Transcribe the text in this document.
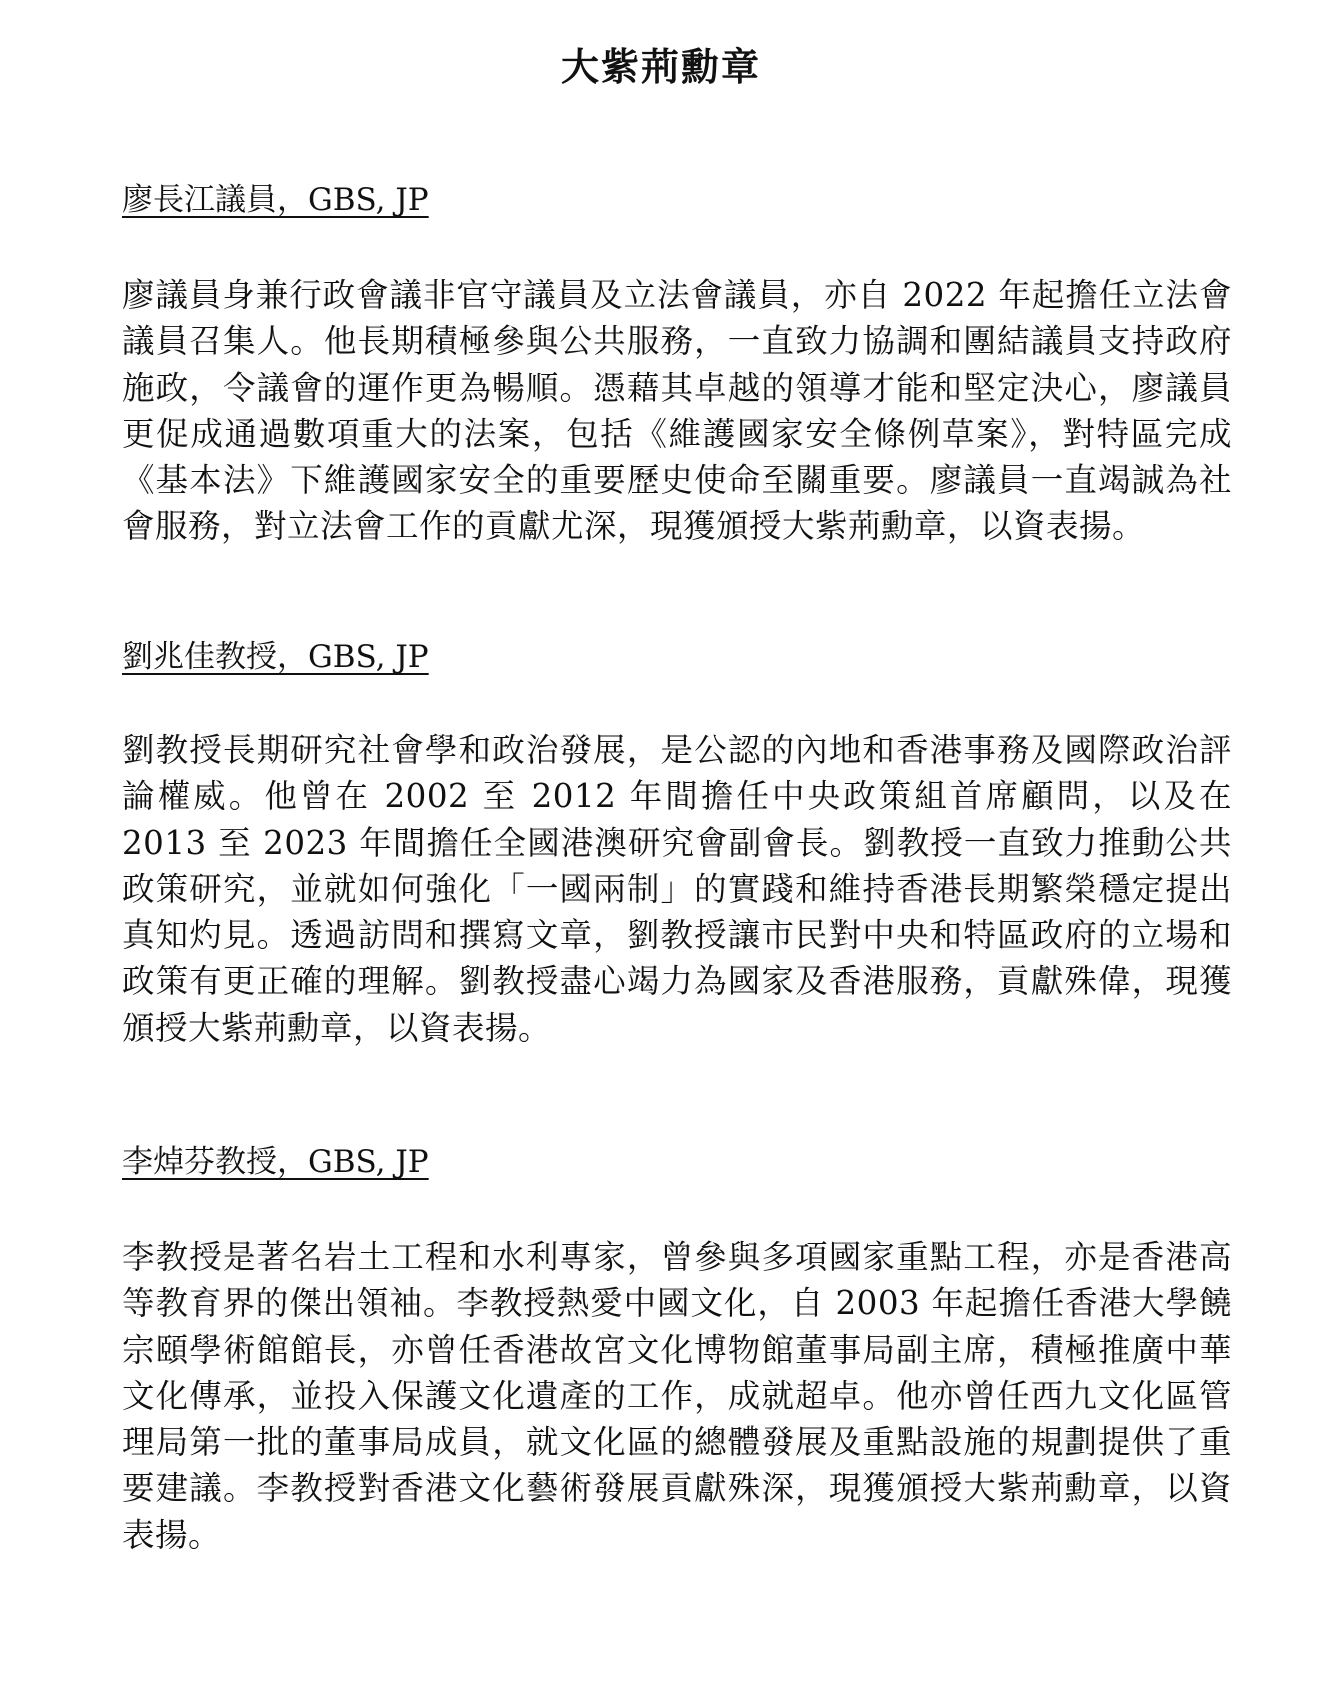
大紫荊勳章
廖長江議員，GBS, JP
廖議員身兼行政會議非官守議員及立法會議員，亦自 2022 年起擔任立法會議員召集人。他長期積極參與公共服務，一直致力協調和團結議員支持政府施政，令議會的運作更為暢順。憑藉其卓越的領導才能和堅定決心，廖議員更促成通過數項重大的法案，包括《維護國家安全條例草案》，對特區完成《基本法》下維護國家安全的重要歷史使命至關重要。廖議員一直竭誠為社會服務，對立法會工作的貢獻尤深，現獲頒授大紫荊勳章，以資表揚。
劉兆佳教授，GBS, JP
劉教授長期研究社會學和政治發展，是公認的內地和香港事務及國際政治評論權威。他曾在 2002 至 2012 年間擔任中央政策組首席顧問，以及在 2013 至 2023 年間擔任全國港澳研究會副會長。劉教授一直致力推動公共政策研究，並就如何強化「一國兩制」的實踐和維持香港長期繁榮穩定提出真知灼見。透過訪問和撰寫文章，劉教授讓市民對中央和特區政府的立場和政策有更正確的理解。劉教授盡心竭力為國家及香港服務，貢獻殊偉，現獲頒授大紫荊勳章，以資表揚。
李焯芬教授，GBS, JP
李教授是著名岩土工程和水利專家，曾參與多項國家重點工程，亦是香港高等教育界的傑出領袖。李教授熱愛中國文化，自 2003 年起擔任香港大學饒宗頤學術館館長，亦曾任香港故宮文化博物館董事局副主席，積極推廣中華文化傳承，並投入保護文化遺產的工作，成就超卓。他亦曾任西九文化區管理局第一批的董事局成員，就文化區的總體發展及重點設施的規劃提供了重要建議。李教授對香港文化藝術發展貢獻殊深，現獲頒授大紫荊勳章，以資表揚。
